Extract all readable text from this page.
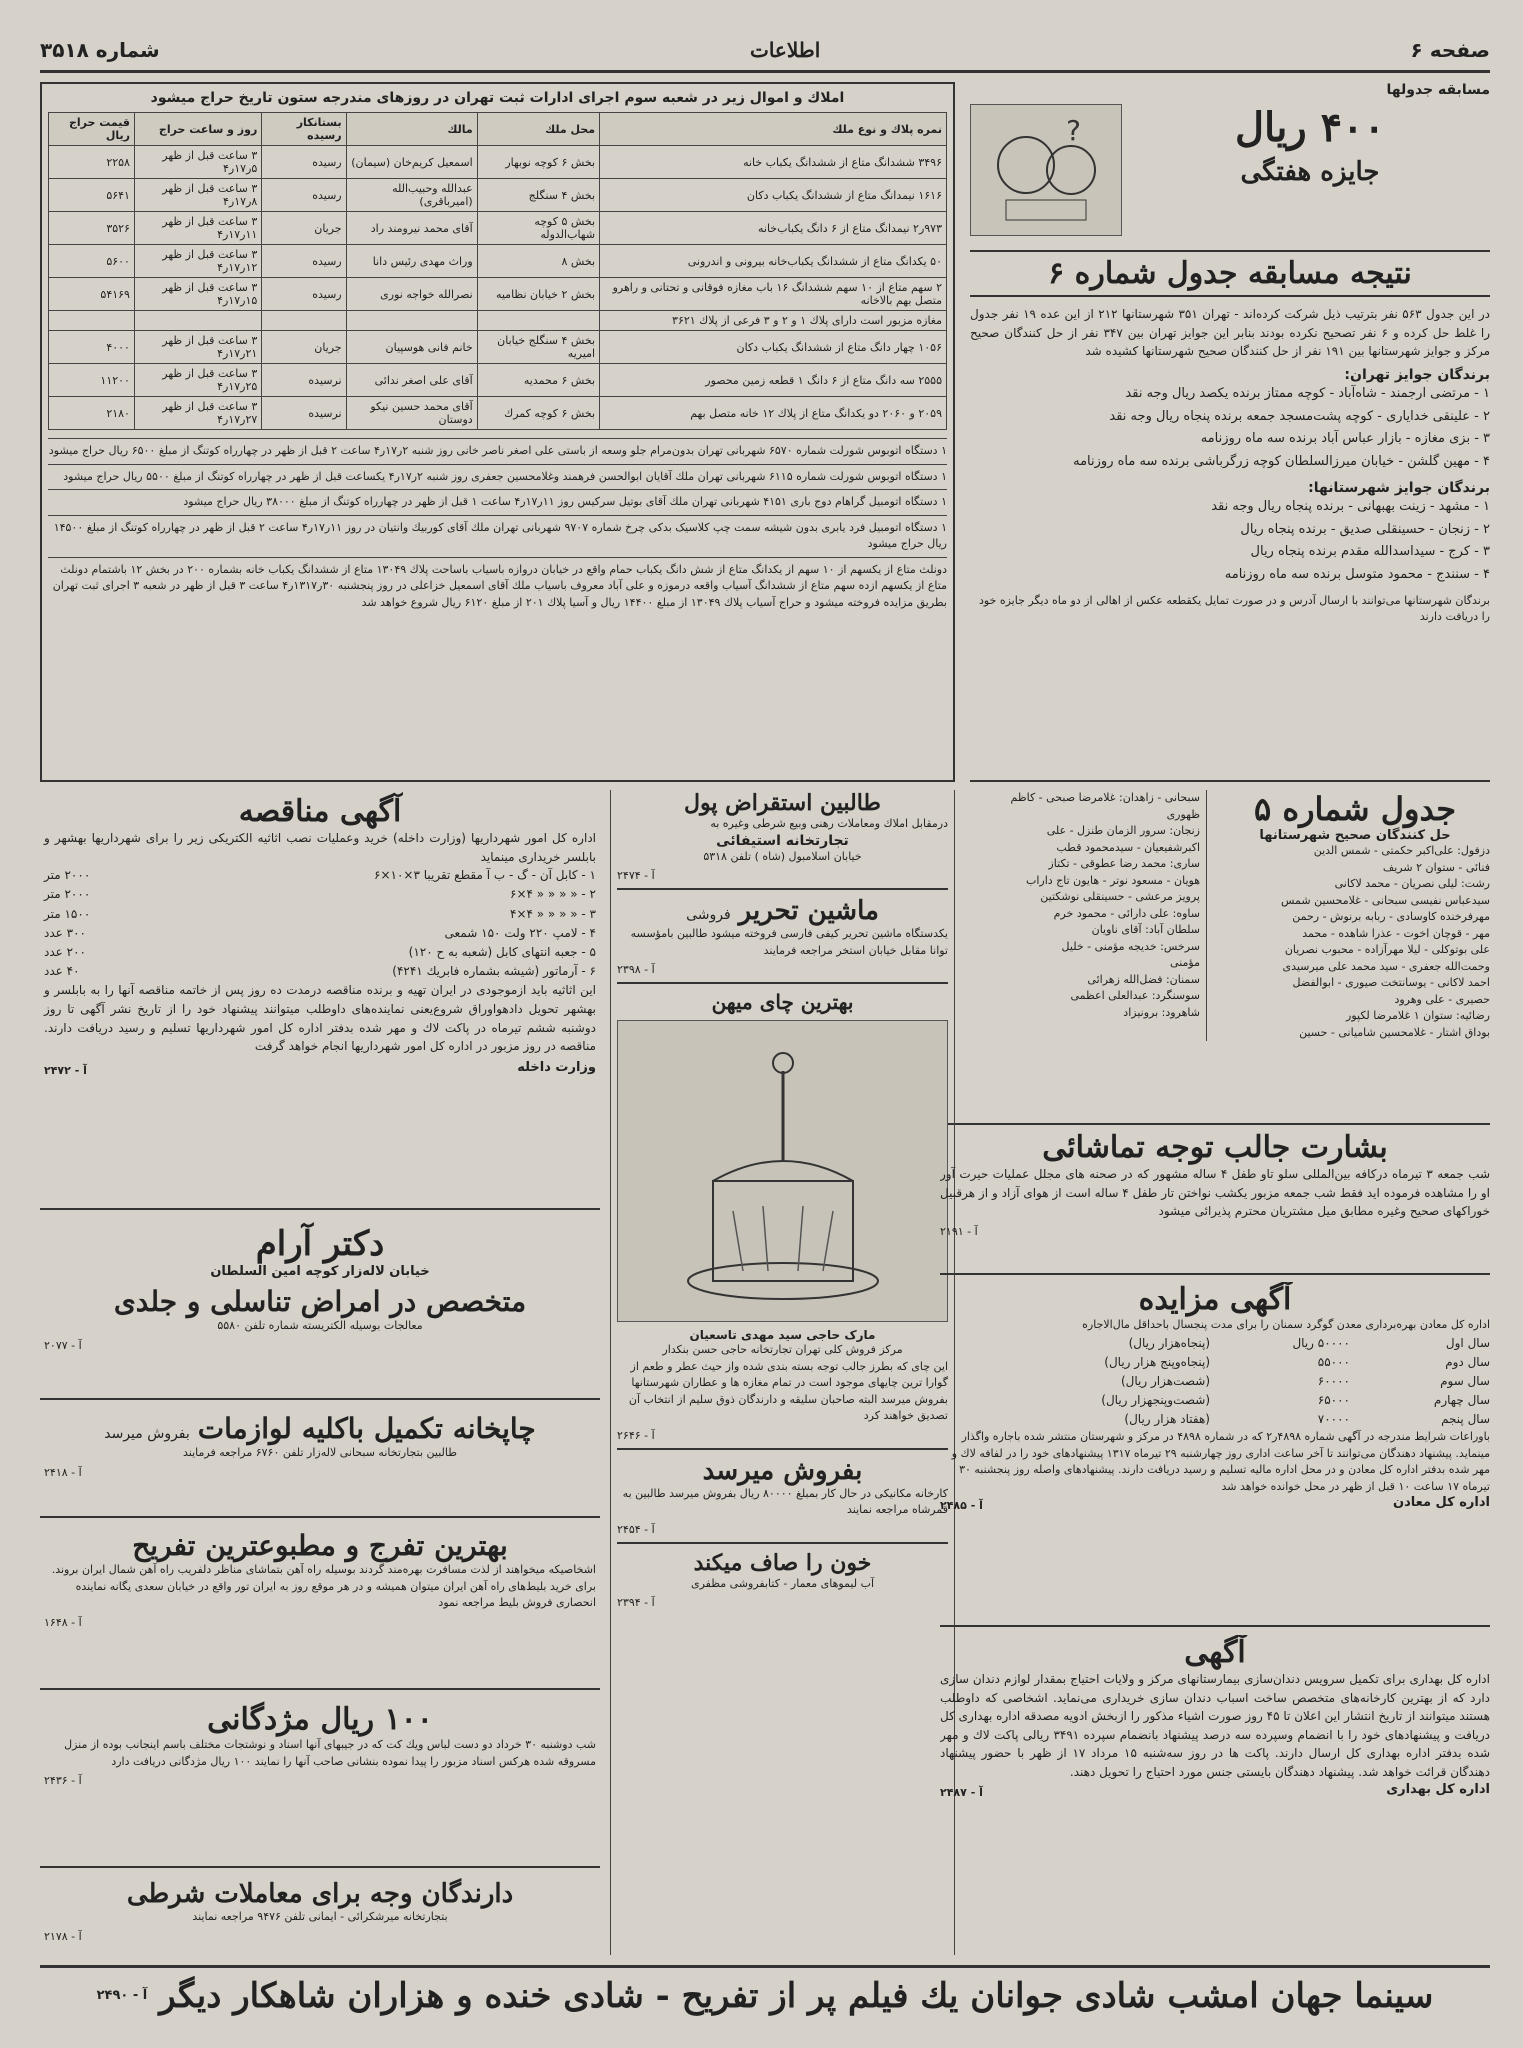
صفحه ۶
اطلاعات
شماره ۳۵۱۸
مسابقه جدولها
۴۰۰ ریال
جایزه هفتگی
?
نتیجه مسابقه جدول شماره ۶
در این جدول ۵۶۳ نفر بترتیب ذیل شرکت کرده‌اند - تهران ۳۵۱ شهرستانها ۲۱۲ از این عده ۱۹ نفر جدول را غلط حل کرده و ۶ نفر تصحیح نکرده بودند بنابر این جوایز تهران بین ۳۴۷ نفر از حل کنندگان صحیح مرکز و جوایز شهرستانها بین ۱۹۱ نفر از حل کنندگان صحیح شهرستانها کشیده شد
برندگان جوایز تهران:
۱ - مرتضی ارجمند - شاه‌آباد - کوچه ممتاز برنده یکصد ریال وجه نقد
۲ - علینقی خدایاری - کوچه پشت‌مسجد جمعه برنده پنجاه ریال وجه نقد
۳ - بزی مغازه - بازار عباس آباد برنده سه ماه روزنامه
۴ - مهین گلشن - خیابان میرزالسلطان کوچه زرگرباشی برنده سه ماه روزنامه
برندگان جوایز شهرستانها:
۱ - مشهد - زینت بهبهانی - برنده پنجاه ریال وجه نقد
۲ - زنجان - حسینقلی صدیق - برنده پنجاه ریال
۳ - کرج - سیداسدالله مقدم برنده پنجاه ریال
۴ - سنندج - محمود متوسل برنده سه ماه روزنامه
برندگان شهرستانها می‌توانند با ارسال آدرس و در صورت تمایل یکقطعه عکس از اهالی از دو ماه دیگر جایزه خود را دریافت دارند
املاك و اموال زیر در شعبه سوم اجرای ادارات ثبت تهران در روزهای مندرجه ستون تاریخ حراج میشود
نمره پلاك و نوع ملك	محل ملك	مالك	بستانکار رسیده	روز و ساعت حراج	قیمت حراج ریال
۳۴۹۶ ششدانگ متاع از ششدانگ یکباب خانه	بخش ۶ کوچه نوبهار	اسمعیل کریم‌خان (سیمان)	رسیده	۳ ساعت قبل از ظهر ۵ر۱۷ر۴	۲۲۵۸
۱۶۱۶ نیمدانگ متاع از ششدانگ یکباب دکان	بخش ۴ سنگلج	عبدالله وحبیب‌الله (امیرباقری)	رسیده	۳ ساعت قبل از ظهر ۸ر۱۷ر۴	۵۶۴۱
۹۷۳ر۲ نیمدانگ متاع از ۶ دانگ یکباب‌خانه	بخش ۵ کوچه شهاب‌الدوله	آقای محمد نیرومند راد	جریان	۳ ساعت قبل از ظهر ۱۱ر۱۷ر۴	۳۵۲۶
۵۰ یکدانگ متاع از ششدانگ یکباب‌خانه بیرونی و اندرونی	بخش ۸	وراث مهدی رئیس دانا	رسیده	۳ ساعت قبل از ظهر ۱۲ر۱۷ر۴	۵۶۰۰
۲ سهم متاع از ۱۰ سهم ششدانگ ۱۶ باب مغازه فوقانی و تحتانی و راهرو متصل بهم بالاخانه	بخش ۲ خیابان نظامیه	نصرالله خواجه نوری	رسیده	۳ ساعت قبل از ظهر ۱۵ر۱۷ر۴	۵۴۱۶۹
مغازه مزبور است دارای پلاك ۱ و ۲ و ۳ فرعی از پلاك ۳۶۲۱					
۱۰۵۶ چهار دانگ متاع از ششدانگ یکباب دکان	بخش ۴ سنگلج خیابان امیریه	خانم فانی هوسپیان	جریان	۳ ساعت قبل از ظهر ۲۱ر۱۷ر۴	۴۰۰۰
۲۵۵۵ سه دانگ متاع از ۶ دانگ ۱ قطعه زمین محصور	بخش ۶ محمدیه	آقای علی اصغر ندائی	نرسیده	۳ ساعت قبل از ظهر ۲۵ر۱۷ر۴	۱۱۲۰۰
۲۰۵۹ و ۲۰۶۰ دو یکدانگ متاع از پلاك ۱۲ خانه متصل بهم	بخش ۶ کوچه کمرك	آقای محمد حسین نیکو دوستان	نرسیده	۳ ساعت قبل از ظهر ۲۷ر۱۷ر۴	۲۱۸۰
۱ دستگاه اتوبوس شورلت شماره ۶۵۷۰ شهربانی تهران بدون‌مرام جلو وسعه از باستی علی اصغر ناصر خانی روز شنبه ۲ر۱۷ر۴ ساعت ۲ قبل از ظهر در چهارراه کوتنگ از مبلغ ۶۵۰۰ ریال حراج میشود
۱ دستگاه اتوبوس شورلت شماره ۶۱۱۵ شهربانی تهران ملك آقایان ابوالحسن فرهمند وغلامحسین جعفری روز شنبه ۲ر۱۷ر۴ یکساعت قبل از ظهر در چهارراه کوتنگ از مبلغ ۵۵۰۰ ریال حراج میشود
۱ دستگاه اتومبیل گراهام دوج باری ۴۱۵۱ شهربانی تهران ملك آقای بوتیل سرکیس روز ۱۱ر۱۷ر۴ ساعت ۱ قبل از ظهر در چهارراه کوتنگ از مبلغ ۳۸۰۰۰ ریال حراج میشود
۱ دستگاه اتومبیل فرد یابری بدون شیشه سمت چپ کلاسیک بدکی چرخ شماره ۹۷۰۷ شهربانی تهران ملك آقای کوربیك وانتیان در روز ۱۱ر۱۷ر۴ ساعت ۲ قبل از ظهر در چهارراه کوتنگ از مبلغ ۱۴۵۰۰ ریال حراج میشود
دونلث متاع از یکسهم از ۱۰ سهم از یکدانگ متاع از شش دانگ یکباب حمام واقع در خیابان دروازه باسیاب باساحت پلاك ۱۳۰۴۹ متاع از ششدانگ یکباب خانه بشماره ۲۰۰ در بخش ۱۲ باشتمام دونلث متاع از یکسهم ازده سهم متاع از ششدانگ آسیاب واقعه درموزه و علی آباد معروف باسیاب ملك آقای اسمعیل خزاعلی در روز پنجشنبه ۳۰ر۱۳۱۷ر۴ ساعت ۳ قبل از ظهر در شعبه ۳ اجرای ثبت تهران بطریق مزایده فروخته میشود و حراج آسیاب پلاك ۱۳۰۴۹ از مبلغ ۱۴۴۰۰ ریال و آسیا پلاك ۲۰۱ از مبلغ ۶۱۲۰ ریال شروع خواهد شد
جدول شماره ۵
حل کنندگان صحیح شهرستانها
دزفول: علی‌اکبر حکمتی - شمس الدین
فنائی - ستوان ۲ شریف
رشت: لیلی نصریان - محمد لاکانی
سیدعباس نفیسی سبحانی - غلامحسین شمس
مهرفرخنده کاوسادی - ربابه برنوش - رحمن
مهر - قوچان اخوت - عذرا شاهده - محمد
علی بوتوکلی - لیلا مهرآزاده - محبوب نصریان
وحمت‌الله جعفری - سید محمد علی میرسیدی
احمد لاکانی - یوسانتخت صیوری - ابوالفضل
حصیری - علی وهرود
رضائیه: ستوان ۱ غلامرضا لکپور
بوداق اشتار - غلامحسین شامیانی - حسین
سبحانی - زاهدان: غلامرضا صبحی - کاظم
ظهوری
زنجان: سرور الزمان طنزل - علی
اکبرشفیعیان - سیدمحمود قطب
ساری: محمد رضا عطوقی - تکتاز
هویان - مسعود نوتر - هایون تاج داراب
پرویز مرعشی - حسینقلی نوشکتین
ساوه: علی دارائی - محمود خرم
سلطان آباد: آقای ناویان
سرخس: خدیجه مؤمنی - خلیل
مؤمنی
سمنان: فضل‌الله زهرائی
سوسنگرد: عبدالعلی اعظمی
شاهرود: برونیزاد
آگهی مناقصه
اداره کل امور شهرداریها (وزارت داخله) خرید وعملیات نصب اثاثیه الکتریکی زیر را برای شهرداریها بهشهر و بابلسر خریداری مینماید
۱ - کابل آن - گ - ب آ مقطع تقریبا ۳×۱۰×۶
۲۰۰۰ متر
۲ - « « « « ۴×۶
۲۰۰۰ متر
۳ - « « « « ۴×۴
۱۵۰۰ متر
۴ - لامپ ۲۲۰ ولت ۱۵۰ شمعی
۳۰۰ عدد
۵ - جعبه انتهای کابل (شعبه به ح ۱۲۰)
۲۰۰ عدد
۶ - آرماتور (شیشه بشماره فابریك ۴۲۴۱)
۴۰ عدد
این اثاثیه باید ازموجودی در ایران تهیه و برنده مناقصه درمدت ده روز پس از خاتمه مناقصه آنها را به بابلسر و بهشهر تحویل دادهواوراق شروع‌یعنی نماینده‌های داوطلب میتوانند پیشنهاد خود را از تاریخ نشر آگهی تا روز دوشنبه ششم تیرماه در پاکت لاك و مهر شده بدفتر اداره کل امور شهرداریها تسلیم و رسید دریافت دارند. مناقصه در روز مزبور در اداره کل امور شهرداریها انجام خواهد گرفت
وزارت داخله
آ - ۲۴۷۲
طالبین استقراض پول
درمقابل املاك ومعاملات رهنی وبیع شرطی وغیره به
تجارتخانه استیفائی
خیابان اسلامبول (شاه ) تلفن ۵۳۱۸
آ - ۲۴۷۴
ماشین تحریر
فروشی
یکدستگاه ماشین تحریر کیفی فارسی فروخته میشود طالبین بامؤسسه توانا مقابل خیابان استخر مراجعه فرمایند
آ - ۲۳۹۸
بهترین چای میهن
مارک حاجی سید مهدی تاسعیان
مرکز فروش کلی تهران تجارتخانه حاجی حسن بنکدار
این چای که بطرز جالب توجه بسته بندی شده واز حیث عطر و طعم از گوارا ترین چایهای موجود است در تمام مغازه ها و عطاران شهرستانها بفروش میرسد البته صاحبان سلیقه و دارندگان ذوق سلیم از انتخاب آن تصدیق خواهند کرد
آ - ۲۶۴۶
بفروش میرسد
کارخانه مکانیکی در حال کار بمبلغ ۸۰۰۰۰ ریال بفروش میرسد طالبین به قمرشاه مراجعه نمایند
آ - ۲۴۵۴
خون را صاف میکند
آب لیموهای معمار - کتابفروشی مظفری
آ - ۲۳۹۴
بشارت جالب توجه تماشائی
شب جمعه ۳ تیرماه درکافه بین‌المللی سلو تاو طفل ۴ ساله مشهور که در صحنه های مجلل عملیات حیرت آور او را مشاهده فرموده اید فقط شب جمعه مزبور یکشب نواختن تار طفل ۴ ساله است از هوای آزاد و از هرقبیل خوراکهای صحیح وغیره مطابق میل مشتریان محترم پذیرائی میشود
آ - ۲۱۹۱
آگهی مزایده
اداره کل معادن بهره‌برداری معدن گوگرد سمنان را برای مدت پنجسال باحداقل مال‌الاجاره
سال اول
۵۰۰۰۰ ریال
(پنجاه‌هزار ریال)
سال دوم
۵۵۰۰۰
(پنجاه‌وپنج هزار ریال)
سال سوم
۶۰۰۰۰
(شصت‌هزار ریال)
سال چهارم
۶۵۰۰۰
(شصت‌وپنجهزار ریال)
سال پنجم
۷۰۰۰۰
(هفتاد هزار ریال)
باوراعات شرایط مندرجه در آگهی شماره ۴۸۹۸ر۲ که در شماره ۴۸۹۸ در مرکز و شهرستان منتشر شده باجاره واگذار مینماید. پیشنهاد دهندگان می‌توانند تا آخر ساعت اداری روز چهارشنبه ۲۹ تیرماه ۱۳۱۷ پیشنهادهای خود را در لفافه لاك و مهر شده بدفتر اداره کل معادن و در محل اداره مالیه تسلیم و رسید دریافت دارند. پیشنهادهای واصله روز پنجشنبه ۳۰ تیرماه ۱۷ ساعت ۱۰ قبل از ظهر در محل خوانده خواهد شد
اداره کل معادن
آ - ۲۴۸۵
آگهی
اداره کل بهداری برای تکمیل سرویس دندان‌سازی بیمارستانهای مرکز و ولایات احتیاج بمقدار لوازم دندان سازی دارد که از بهترین کارخانه‌های متخصص ساخت اسباب دندان سازی خریداری می‌نماید. اشخاصی که داوطلب هستند میتوانند از تاریخ انتشار این اعلان تا ۴۵ روز صورت اشیاء مذکور را ازبخش ادویه مصدقه اداره بهداری کل دریافت و پیشنهادهای خود را با انضمام وسپرده سه درصد پیشنهاد بانضمام سپرده ۳۴۹۱ ریالی پاکت لاك و مهر شده بدفتر اداره بهداری کل ارسال دارند. پاکت ها در روز سه‌شنبه ۱۵ مرداد ۱۷ از ظهر با حضور پیشنهاد دهندگان قرائت خواهد شد. پیشنهاد دهندگان بایستی جنس مورد احتیاج را تحویل دهند.
اداره کل بهداری
آ - ۲۴۸۷
دکتر آرام
خیابان لاله‌زار کوچه امین السلطان
متخصص در امراض تناسلی و جلدی
معالجات بوسیله الکتریسته شماره تلفن ۵۵۸۰
آ - ۲۰۷۷
چاپخانه تکمیل باکلیه لوازمات
بفروش میرسد
طالبین بتجارتخانه سبحانی لاله‌زار تلفن ۶۷۶۰ مراجعه فرمایند
آ - ۲۴۱۸
بهترین تفرج و مطبوعترین تفریح
اشخاصیکه میخواهند از لذت مسافرت بهره‌مند گردند بوسیله راه آهن بتماشای مناظر دلفریب راه آهن شمال ایران بروند. برای خرید بلیط‌های راه آهن ایران میتوان همیشه و در هر موقع روز به ایران تور واقع در خیابان سعدی یگانه نماینده انحصاری فروش بلیط مراجعه نمود
آ - ۱۶۴۸
۱۰۰ ریال مژدگانی
شب دوشنبه ۳۰ خرداد دو دست لباس ویك کت که در جیبهای آنها اسناد و نوشتجات مختلف باسم اینجانب بوده از منزل مسروقه شده هرکس اسناد مزبور را پیدا نموده بنشانی صاحب آنها را نمایند ۱۰۰ ریال مژدگانی دریافت دارد
آ - ۲۴۳۶
دارندگان وجه برای معاملات شرطی
بتجارتخانه میرشکرائی - ایمانی تلفن ۹۴۷۶ مراجعه نمایند
آ - ۲۱۷۸
سینما جهان امشب شادی جوانان یك فیلم پر از تفریح - شادی خنده و هزاران شاهکار دیگر
آ - ۲۴۹۰
